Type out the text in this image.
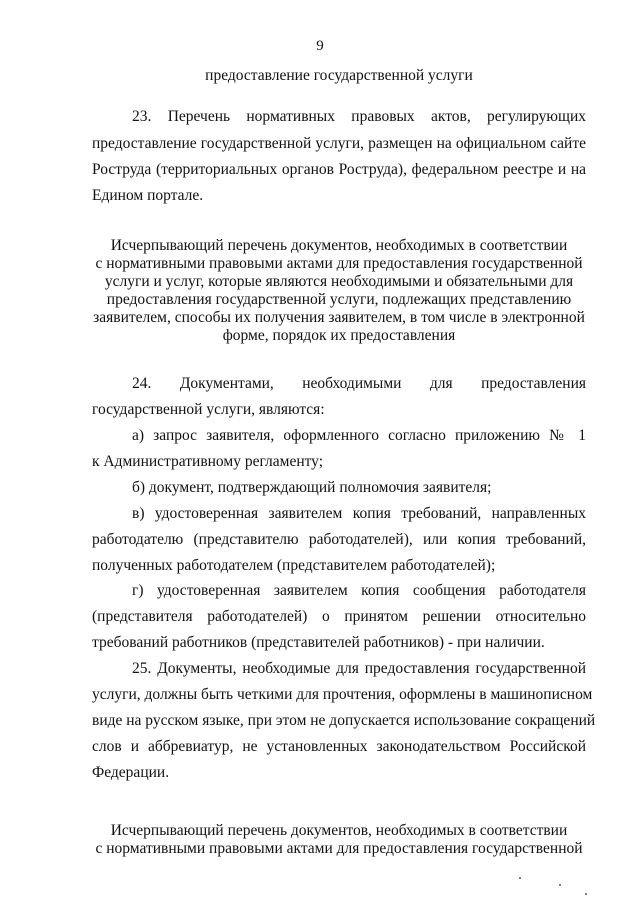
9
предоставление государственной услуги
23. Перечень нормативных правовых актов, регулирующих
предоставление государственной услуги, размещен на официальном сайте
Роструда (территориальных органов Роструда), федеральном реестре и на
Едином портале.
Исчерпывающий перечень документов, необходимых в соответствии
с нормативными правовыми актами для предоставления государственной
услуги и услуг, которые являются необходимыми и обязательными для
предоставления государственной услуги, подлежащих представлению
заявителем, способы их получения заявителем, в том числе в электронной
форме, порядок их предоставления
24. Документами, необходимыми для предоставления
государственной услуги, являются:
а) запрос заявителя, оформленного согласно приложению № 1
к Административному регламенту;
б) документ, подтверждающий полномочия заявителя;
в) удостоверенная заявителем копия требований, направленных
работодателю (представителю работодателей), или копия требований,
полученных работодателем (представителем работодателей);
г) удостоверенная заявителем копия сообщения работодателя
(представителя работодателей) о принятом решении относительно
требований работников (представителей работников) - при наличии.
25. Документы, необходимые для предоставления государственной
услуги, должны быть четкими для прочтения, оформлены в машинописном
виде на русском языке, при этом не допускается использование сокращений
слов и аббревиатур, не установленных законодательством Российской
Федерации.
Исчерпывающий перечень документов, необходимых в соответствии
с нормативными правовыми актами для предоставления государственной
